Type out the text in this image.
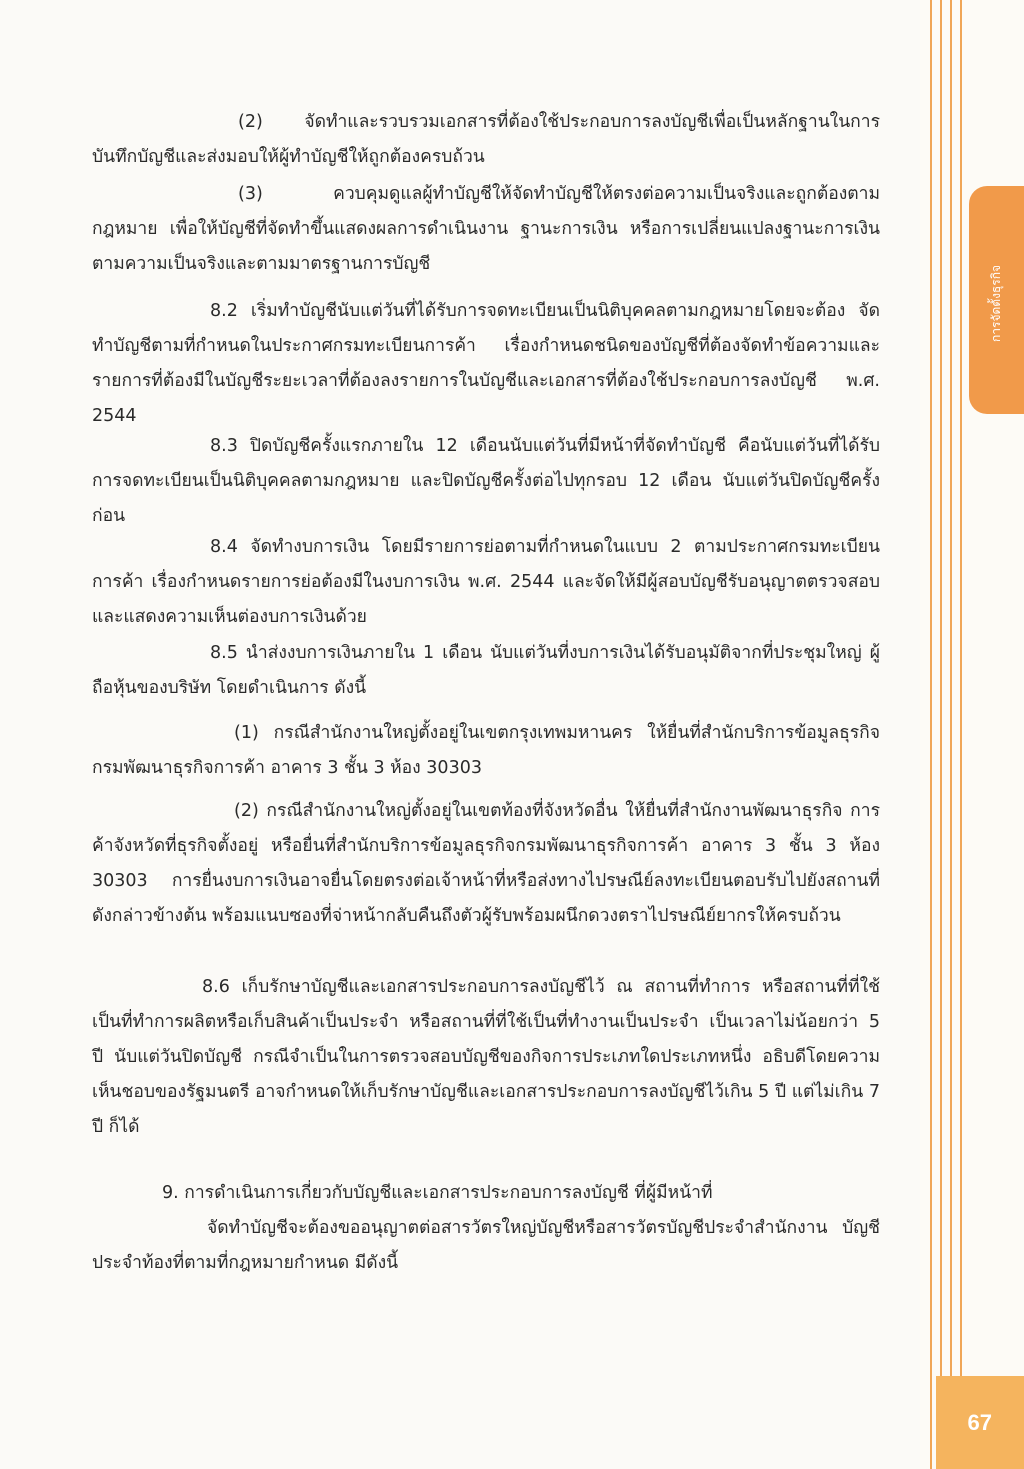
การจัดตั้งธุรกิจ

(2) จัดทำและรวบรวมเอกสารที่ต้องใช้ประกอบการลงบัญชีเพื่อเป็นหลักฐานในการ บันทึกบัญชีและส่งมอบให้ผู้ทำบัญชีให้ถูกต้องครบถ้วน

(3) ควบคุมดูแลผู้ทำบัญชีให้จัดทำบัญชีให้ตรงต่อความเป็นจริงและถูกต้องตาม กฎหมาย เพื่อให้บัญชีที่จัดทำขึ้นแสดงผลการดำเนินงาน ฐานะการเงิน หรือการเปลี่ยนแปลงฐานะการเงิน ตามความเป็นจริงและตามมาตรฐานการบัญชี

8.2 เริ่มทำบัญชีนับแต่วันที่ได้รับการจดทะเบียนเป็นนิติบุคคลตามกฎหมายโดยจะต้อง จัดทำบัญชีตามที่กำหนดในประกาศกรมทะเบียนการค้า เรื่องกำหนดชนิดของบัญชีที่ต้องจัดทำข้อความและรายการที่ต้องมีในบัญชีระยะเวลาที่ต้องลงรายการในบัญชีและเอกสารที่ต้องใช้ประกอบการลงบัญชี พ.ศ. 2544

8.3 ปิดบัญชีครั้งแรกภายใน 12 เดือนนับแต่วันที่มีหน้าที่จัดทำบัญชี คือนับแต่วันที่ได้รับ การจดทะเบียนเป็นนิติบุคคลตามกฎหมาย และปิดบัญชีครั้งต่อไปทุกรอบ 12 เดือน นับแต่วันปิดบัญชีครั้งก่อน

8.4 จัดทำงบการเงิน โดยมีรายการย่อตามที่กำหนดในแบบ 2 ตามประกาศกรมทะเบียน การค้า เรื่องกำหนดรายการย่อต้องมีในงบการเงิน พ.ศ. 2544 และจัดให้มีผู้สอบบัญชีรับอนุญาตตรวจสอบ และแสดงความเห็นต่องบการเงินด้วย

8.5 นำส่งงบการเงินภายใน 1 เดือน นับแต่วันที่งบการเงินได้รับอนุมัติจากที่ประชุมใหญ่ ผู้ถือหุ้นของบริษัท โดยดำเนินการ ดังนี้

(1) กรณีสำนักงานใหญ่ตั้งอยู่ในเขตกรุงเทพมหานคร ให้ยื่นที่สำนักบริการข้อมูลธุรกิจ กรมพัฒนาธุรกิจการค้า อาคาร 3 ชั้น 3 ห้อง 30303

(2) กรณีสำนักงานใหญ่ตั้งอยู่ในเขตท้องที่จังหวัดอื่น ให้ยื่นที่สำนักงานพัฒนาธุรกิจ การค้าจังหวัดที่ธุรกิจตั้งอยู่ หรือยื่นที่สำนักบริการข้อมูลธุรกิจกรมพัฒนาธุรกิจการค้า อาคาร 3 ชั้น 3 ห้อง 30303 การยื่นงบการเงินอาจยื่นโดยตรงต่อเจ้าหน้าที่หรือส่งทางไปรษณีย์ลงทะเบียนตอบรับไปยังสถานที่ดังกล่าวข้างต้น พร้อมแนบซองที่จ่าหน้ากลับคืนถึงตัวผู้รับพร้อมผนึกดวงตราไปรษณีย์ยากรให้ครบถ้วน

8.6 เก็บรักษาบัญชีและเอกสารประกอบการลงบัญชีไว้ ณ สถานที่ทำการ หรือสถานที่ที่ใช้ เป็นที่ทำการผลิตหรือเก็บสินค้าเป็นประจำ หรือสถานที่ที่ใช้เป็นที่ทำงานเป็นประจำ เป็นเวลาไม่น้อยกว่า 5 ปี นับแต่วันปิดบัญชี กรณีจำเป็นในการตรวจสอบบัญชีของกิจการประเภทใดประเภทหนึ่ง อธิบดีโดยความเห็นชอบของรัฐมนตรี อาจกำหนดให้เก็บรักษาบัญชีและเอกสารประกอบการลงบัญชีไว้เกิน 5 ปี แต่ไม่เกิน 7 ปี ก็ได้

9. การดำเนินการเกี่ยวกับบัญชีและเอกสารประกอบการลงบัญชี ที่ผู้มีหน้าที่

จัดทำบัญชีจะต้องขออนุญาตต่อสารวัตรใหญ่บัญชีหรือสารวัตรบัญชีประจำสำนักงาน บัญชีประจำท้องที่ตามที่กฎหมายกำหนด มีดังนี้

67
